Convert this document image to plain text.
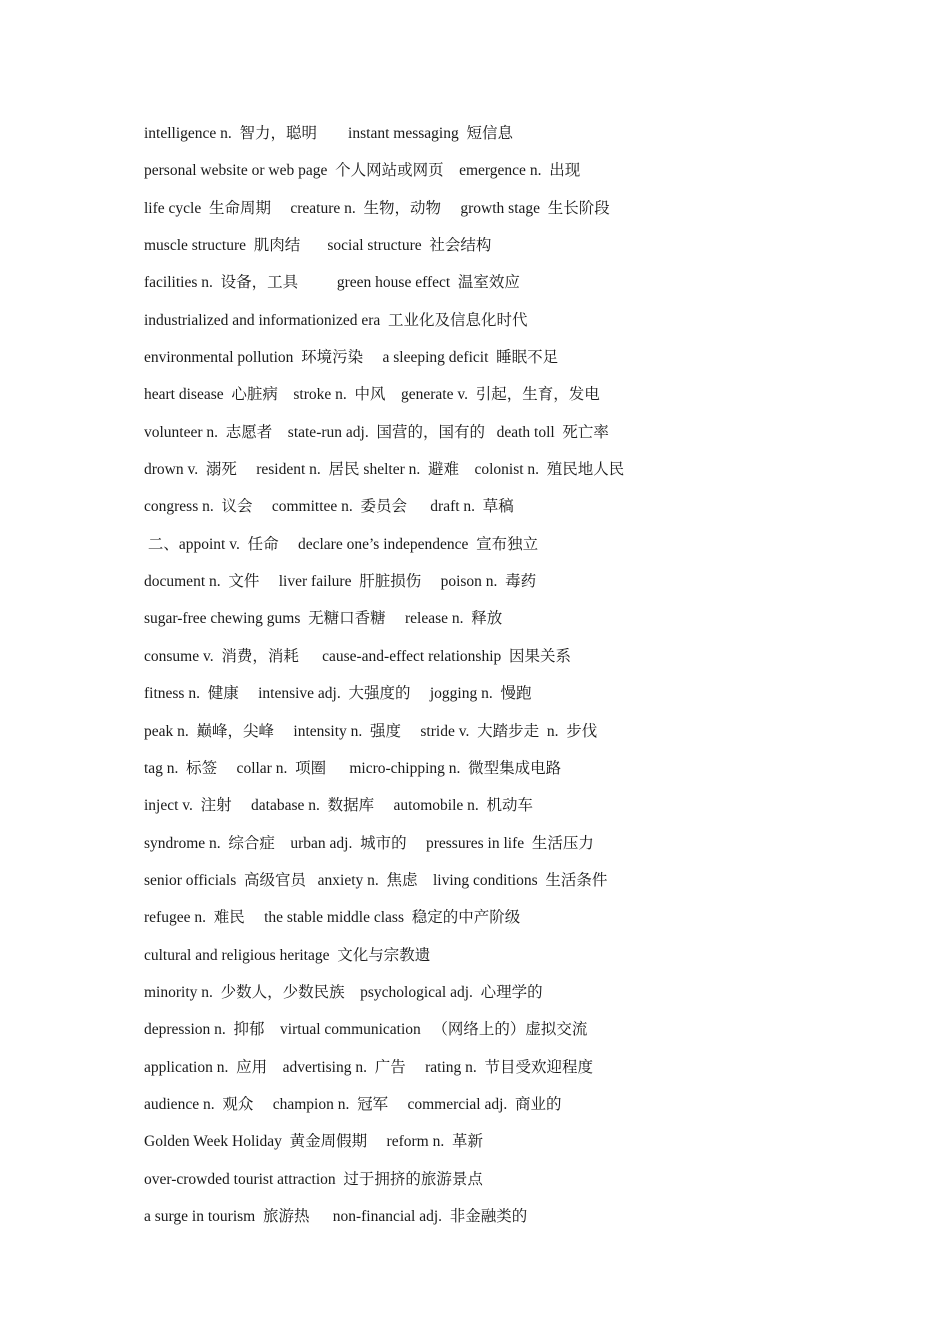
intelligence n.  智力，聪明        instant messaging  短信息
personal website or web page  个人网站或网页    emergence n.  出现
life cycle  生命周期     creature n.  生物，动物     growth stage  生长阶段
muscle structure  肌肉结       social structure  社会结构
facilities n.  设备，工具          green house effect  温室效应
industrialized and informationized era  工业化及信息化时代
environmental pollution  环境污染     a sleeping deficit  睡眠不足
heart disease  心脏病    stroke n.  中风    generate v.  引起，生育，发电
volunteer n.  志愿者    state-run adj.  国营的，国有的   death toll  死亡率
drown v.  溺死     resident n.  居民 shelter n.  避难    colonist n.  殖民地人民
congress n.  议会     committee n.  委员会      draft n.  草稿
二、appoint v.  任命     declare one’s independence  宣布独立
document n.  文件     liver failure  肝脏损伤     poison n.  毒药
sugar-free chewing gums  无糖口香糖     release n.  释放
consume v.  消费，消耗      cause-and-effect relationship  因果关系
fitness n.  健康     intensive adj.  大强度的     jogging n.  慢跑
peak n.  巅峰，尖峰     intensity n.  强度     stride v.  大踏步走  n.  步伐
tag n.  标签     collar n.  项圈      micro-chipping n.  微型集成电路
inject v.  注射     database n.  数据库     automobile n.  机动车
syndrome n.  综合症    urban adj.  城市的     pressures in life  生活压力
senior officials  高级官员   anxiety n.  焦虑    living conditions  生活条件
refugee n.  难民     the stable middle class  稳定的中产阶级
cultural and religious heritage  文化与宗教遗
minority n.  少数人，少数民族    psychological adj.  心理学的
depression n.  抑郁    virtual communication   （网络上的）虚拟交流
application n.  应用    advertising n.  广告     rating n.  节目受欢迎程度
audience n.  观众     champion n.  冠军     commercial adj.  商业的
Golden Week Holiday  黄金周假期     reform n.  革新
over-crowded tourist attraction  过于拥挤的旅游景点
a surge in tourism  旅游热      non-financial adj.  非金融类的
